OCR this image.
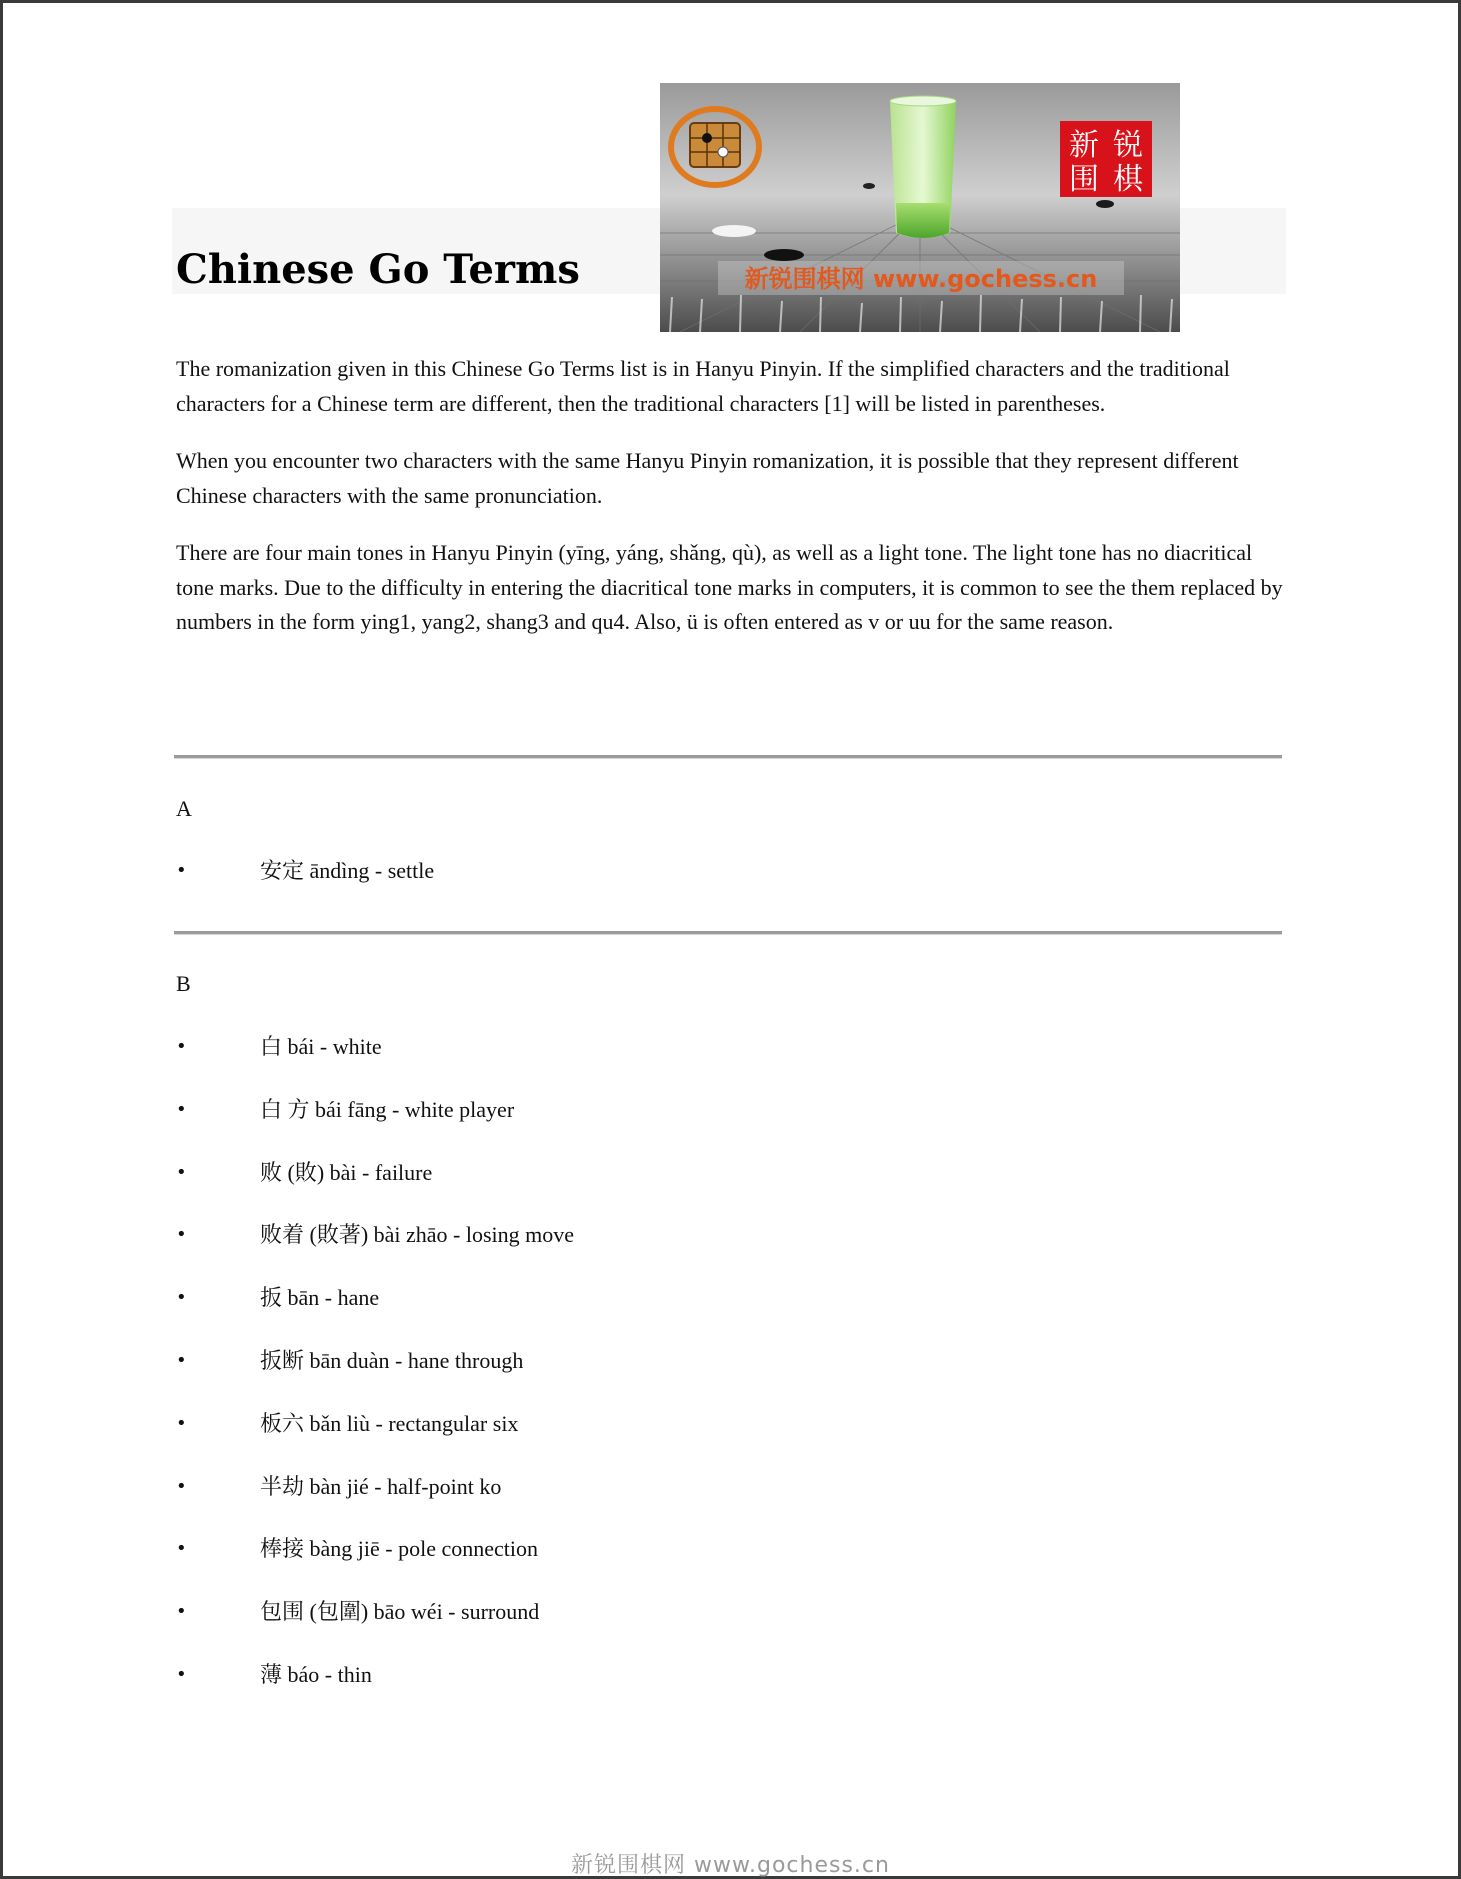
Chinese Go Terms
新 锐
围 棋
新锐围棋网 www.gochess.cn

The romanization given in this Chinese Go Terms list is in Hanyu Pinyin. If the simplified characters and the traditional characters for a Chinese term are different, then the traditional characters [1] will be listed in parentheses.

When you encounter two characters with the same Hanyu Pinyin romanization, it is possible that they represent different Chinese characters with the same pronunciation.

There are four main tones in Hanyu Pinyin (yīng, yáng, shǎng, qù), as well as a light tone. The light tone has no diacritical tone marks. Due to the difficulty in entering the diacritical tone marks in computers, it is common to see the them replaced by numbers in the form ying1, yang2, shang3 and qu4. Also, ü is often entered as v or uu for the same reason.

A
•	安定 āndìng - settle
B
•	白 bái - white
•	白 方 bái fāng - white player
•	败 (敗) bài - failure
•	败着 (敗著) bài zhāo - losing move
•	扳 bān - hane
•	扳断 bān duàn - hane through
•	板六 bǎn liù - rectangular six
•	半劫 bàn jié - half-point ko
•	棒接 bàng jiē - pole connection
•	包围 (包圍) bāo wéi - surround
•	薄 báo - thin
新锐围棋网 www.gochess.cn
